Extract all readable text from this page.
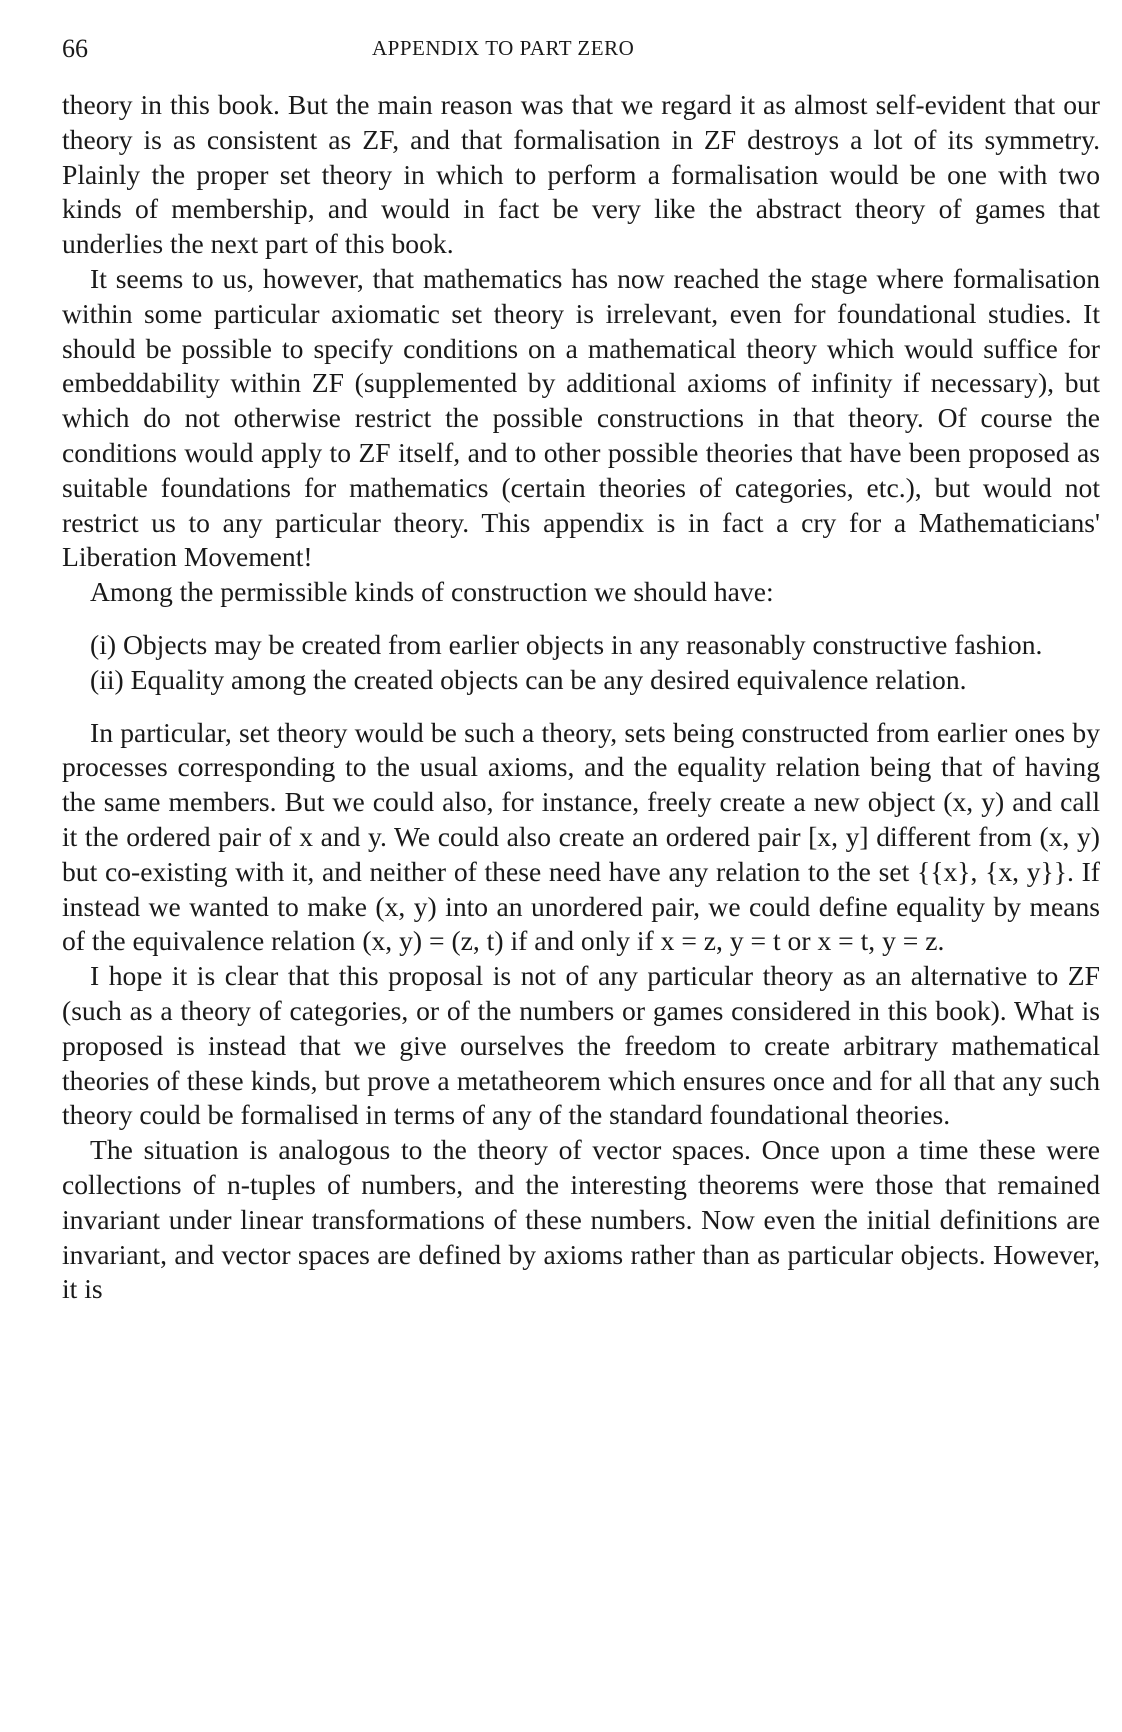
66	APPENDIX TO PART ZERO

theory in this book. But the main reason was that we regard it as almost self-evident that our theory is as consistent as ZF, and that formalisation in ZF destroys a lot of its symmetry. Plainly the proper set theory in which to perform a formalisation would be one with two kinds of membership, and would in fact be very like the abstract theory of games that underlies the next part of this book.

It seems to us, however, that mathematics has now reached the stage where formalisation within some particular axiomatic set theory is irrelevant, even for foundational studies. It should be possible to specify conditions on a mathematical theory which would suffice for embeddability within ZF (supplemented by additional axioms of infinity if necessary), but which do not otherwise restrict the possible constructions in that theory. Of course the conditions would apply to ZF itself, and to other possible theories that have been proposed as suitable foundations for mathematics (certain theories of categories, etc.), but would not restrict us to any particular theory. This appendix is in fact a cry for a Mathematicians' Liberation Movement!

Among the permissible kinds of construction we should have:

(i) Objects may be created from earlier objects in any reasonably constructive fashion.

(ii) Equality among the created objects can be any desired equivalence relation.

In particular, set theory would be such a theory, sets being constructed from earlier ones by processes corresponding to the usual axioms, and the equality relation being that of having the same members. But we could also, for instance, freely create a new object (x, y) and call it the ordered pair of x and y. We could also create an ordered pair [x, y] different from (x, y) but co-existing with it, and neither of these need have any relation to the set {{x}, {x, y}}. If instead we wanted to make (x, y) into an unordered pair, we could define equality by means of the equivalence relation (x, y) = (z, t) if and only if x = z, y = t or x = t, y = z.

I hope it is clear that this proposal is not of any particular theory as an alternative to ZF (such as a theory of categories, or of the numbers or games considered in this book). What is proposed is instead that we give ourselves the freedom to create arbitrary mathematical theories of these kinds, but prove a metatheorem which ensures once and for all that any such theory could be formalised in terms of any of the standard foundational theories.

The situation is analogous to the theory of vector spaces. Once upon a time these were collections of n-tuples of numbers, and the interesting theorems were those that remained invariant under linear transformations of these numbers. Now even the initial definitions are invariant, and vector spaces are defined by axioms rather than as particular objects. However, it is
